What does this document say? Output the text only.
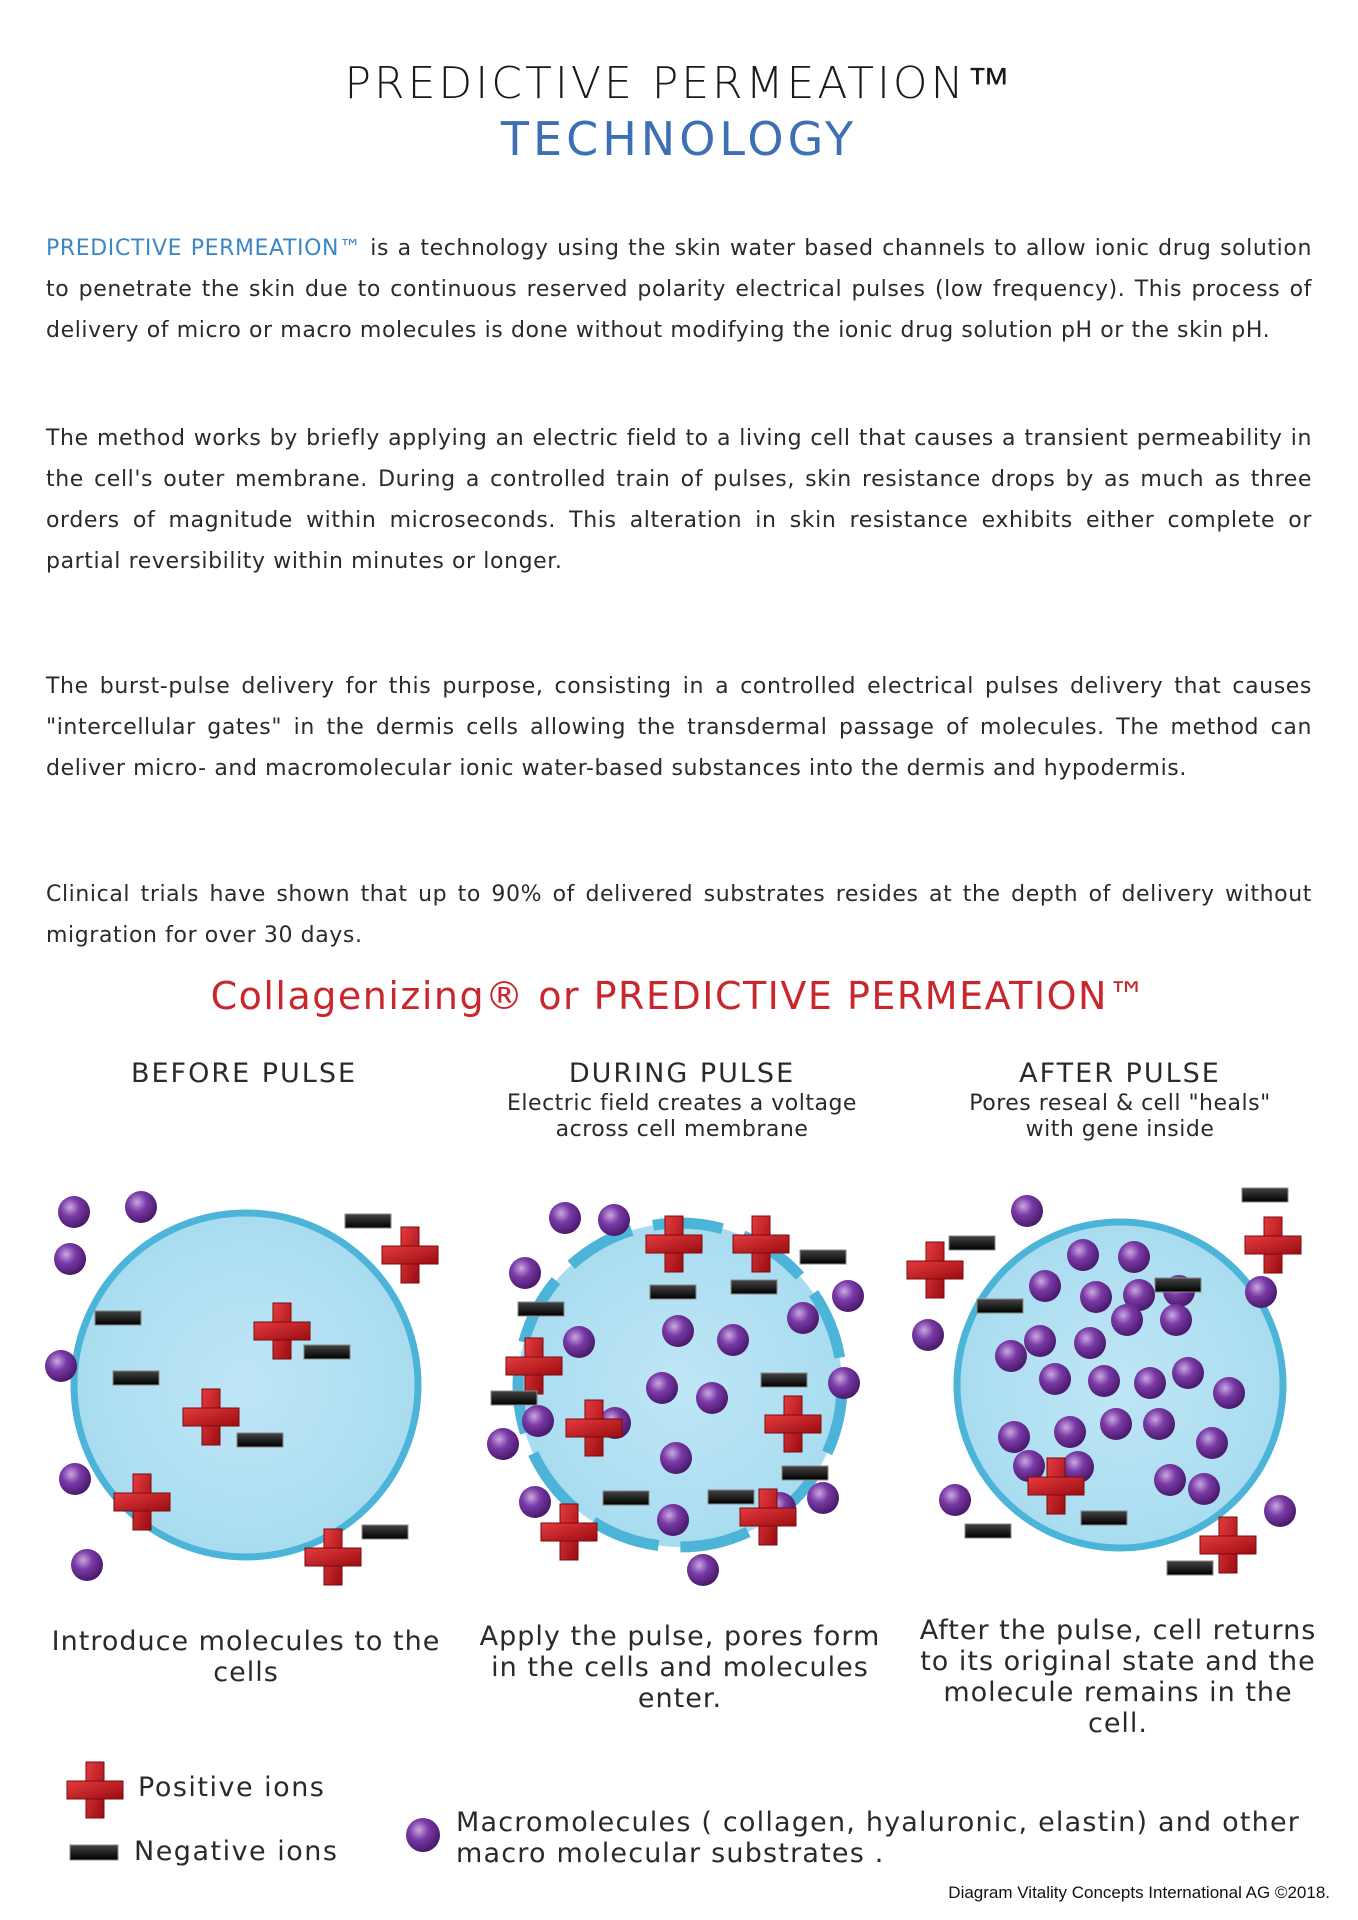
PREDICTIVE PERMEATION™
TECHNOLOGY
PREDICTIVE PERMEATION™ is a technology using the skin water based channels to allow ionic drug solution to penetrate the skin due to continuous reserved polarity electrical pulses (low frequency). This process of delivery of micro or macro molecules is done without modifying the ionic drug solution pH or the skin pH.
The method works by briefly applying an electric field to a living cell that causes a transient permeability in the cell's outer membrane. During a controlled train of pulses, skin resistance drops by as much as three orders of magnitude within microseconds. This alteration in skin resistance exhibits either complete or partial reversibility within minutes or longer.
The burst-pulse delivery for this purpose, consisting in a controlled electrical pulses delivery that causes "intercellular gates" in the dermis cells allowing the transdermal passage of molecules. The method can deliver micro- and macromolecular ionic water-based substances into the dermis and hypodermis.
Clinical trials have shown that up to 90% of delivered substrates resides at the depth of delivery without migration for over 30 days.
Collagenizing® or PREDICTIVE PERMEATION™
BEFORE PULSE	DURING PULSE
Electric field creates a voltage across cell membrane
AFTER PULSE
Pores reseal & cell "heals" with gene inside
Introduce molecules to the cells
Apply the pulse, pores form in the cells and molecules enter.
After the pulse, cell returns to its original state and the molecule remains in the cell.
Positive ions
Negative ions
Macromolecules ( collagen, hyaluronic, elastin) and other macro molecular substrates .
Diagram Vitality Concepts International AG ©2018.
